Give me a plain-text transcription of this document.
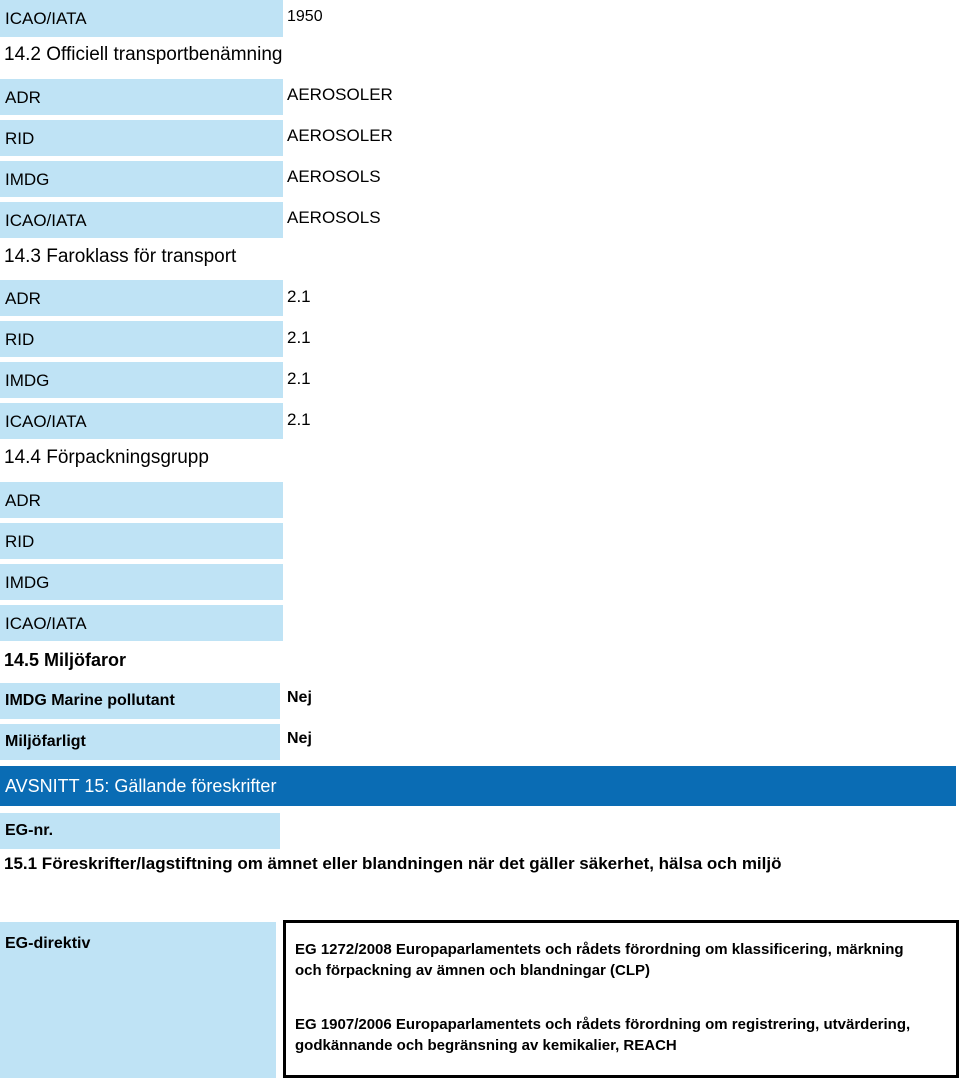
ICAO/IATA	1950
14.2 Officiell transportbenämning
ADR	AEROSOLER
RID	AEROSOLER
IMDG	AEROSOLS
ICAO/IATA	AEROSOLS
14.3 Faroklass för transport
ADR	2.1
RID	2.1
IMDG	2.1
ICAO/IATA	2.1
14.4 Förpackningsgrupp
ADR
RID
IMDG
ICAO/IATA
14.5 Miljöfaror
IMDG Marine pollutant	Nej
Miljöfarligt	Nej
AVSNITT 15: Gällande föreskrifter
EG-nr.
15.1 Föreskrifter/lagstiftning om ämnet eller blandningen när det gäller säkerhet, hälsa och miljö
EG-direktiv	EG 1272/2008 Europaparlamentets och rådets förordning om klassificering, märkning och förpackning av ämnen och blandningar (CLP)
EG 1907/2006 Europaparlamentets och rådets förordning om registrering, utvärdering, godkännande och begränsning av kemikalier, REACH
